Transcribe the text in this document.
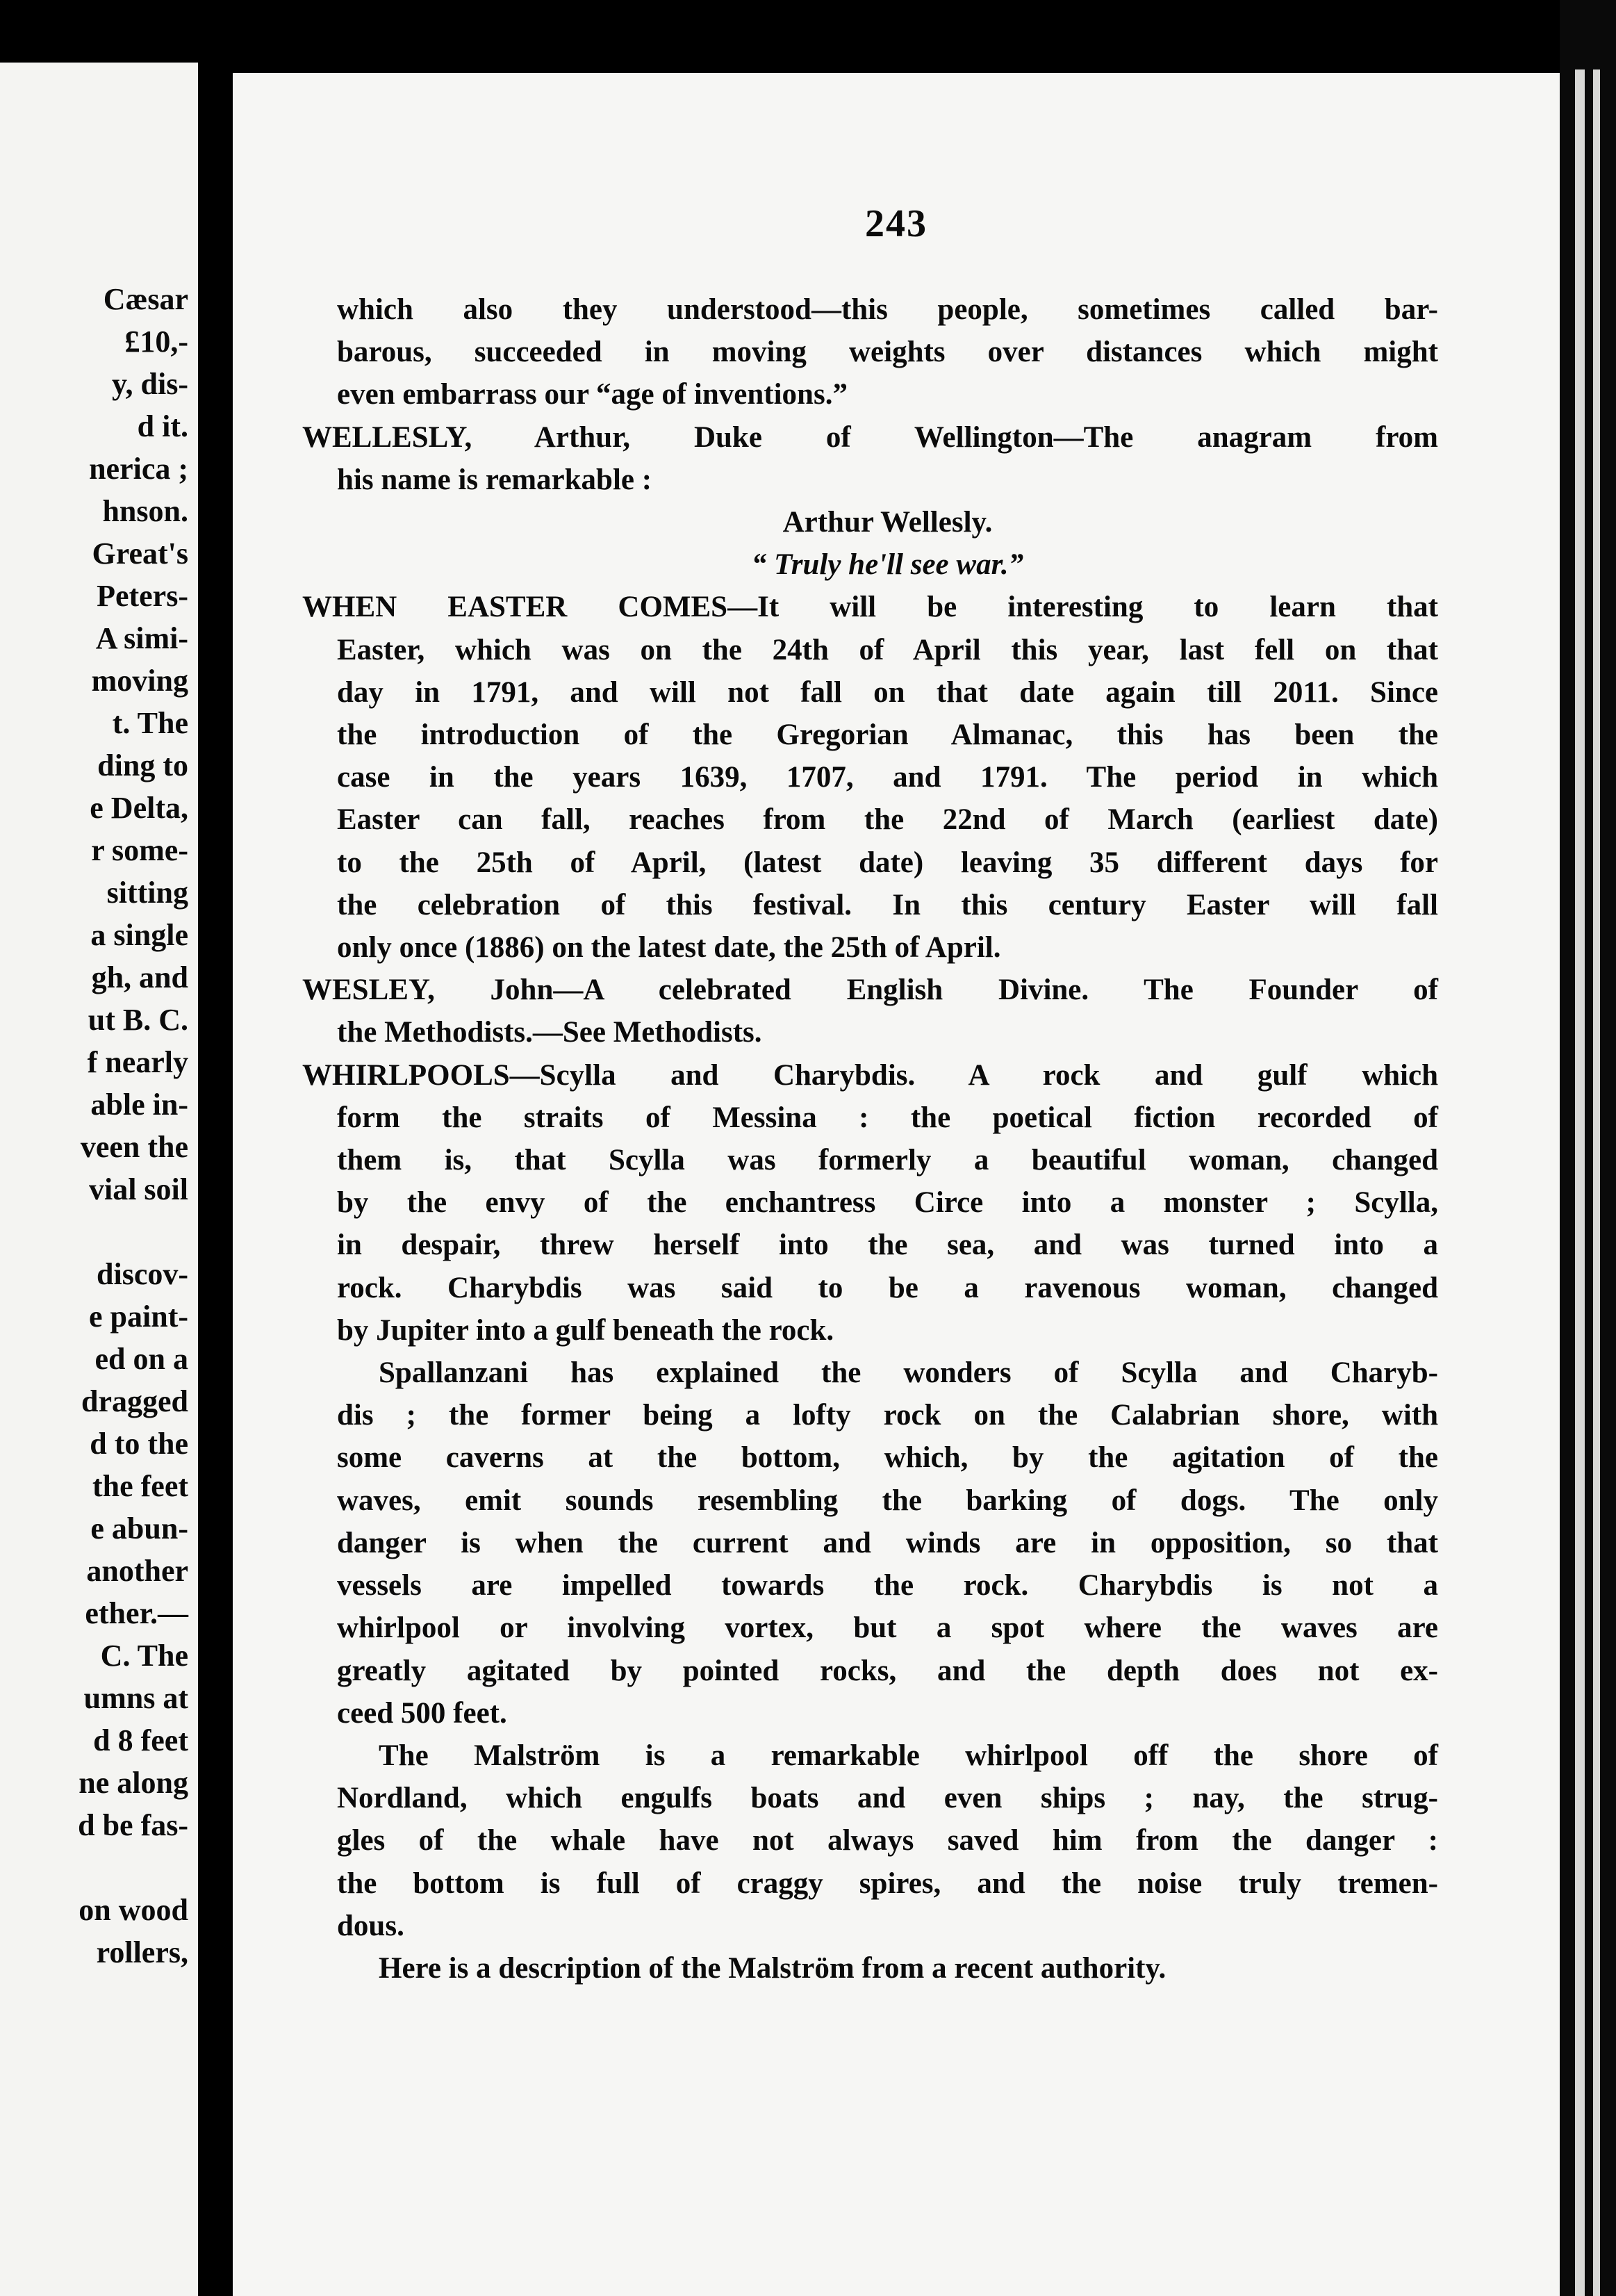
Cæsar
£10,-
y, dis-
d it.
nerica ;
hnson.
Great's
Peters-
A simi-
moving
t. The
ding to
e Delta,
r some-
sitting
a single
gh, and
ut B. C.
f nearly
able in-
veen the
vial soil
discov-
e paint-
ed on a
dragged
d to the
the feet
e abun-
another
ether.—
C. The
umns at
d 8 feet
ne along
d be fas-
on wood
rollers,
243
which also they understood—this people, sometimes called bar-
barous, succeeded in moving weights over distances which might
even embarrass our “age of inventions.”
WELLESLY, Arthur, Duke of Wellington—The anagram from
his name is remarkable :
Arthur Wellesly.
“ Truly he'll see war.”
WHEN EASTER COMES—It will be interesting to learn that
Easter, which was on the 24th of April this year, last fell on that
day in 1791, and will not fall on that date again till 2011. Since
the introduction of the Gregorian Almanac, this has been the
case in the years 1639, 1707, and 1791. The period in which
Easter can fall, reaches from the 22nd of March (earliest date)
to the 25th of April, (latest date) leaving 35 different days for
the celebration of this festival. In this century Easter will fall
only once (1886) on the latest date, the 25th of April.
WESLEY, John—A celebrated English Divine. The Founder of
the Methodists.—See Methodists.
WHIRLPOOLS—Scylla and Charybdis. A rock and gulf which
form the straits of Messina : the poetical fiction recorded of
them is, that Scylla was formerly a beautiful woman, changed
by the envy of the enchantress Circe into a monster ; Scylla,
in despair, threw herself into the sea, and was turned into a
rock. Charybdis was said to be a ravenous woman, changed
by Jupiter into a gulf beneath the rock.
Spallanzani has explained the wonders of Scylla and Charyb-
dis ; the former being a lofty rock on the Calabrian shore, with
some caverns at the bottom, which, by the agitation of the
waves, emit sounds resembling the barking of dogs. The only
danger is when the current and winds are in opposition, so that
vessels are impelled towards the rock. Charybdis is not a
whirlpool or involving vortex, but a spot where the waves are
greatly agitated by pointed rocks, and the depth does not ex-
ceed 500 feet.
The Malström is a remarkable whirlpool off the shore of
Nordland, which engulfs boats and even ships ; nay, the strug-
gles of the whale have not always saved him from the danger :
the bottom is full of craggy spires, and the noise truly tremen-
dous.
Here is a description of the Malström from a recent authority.
